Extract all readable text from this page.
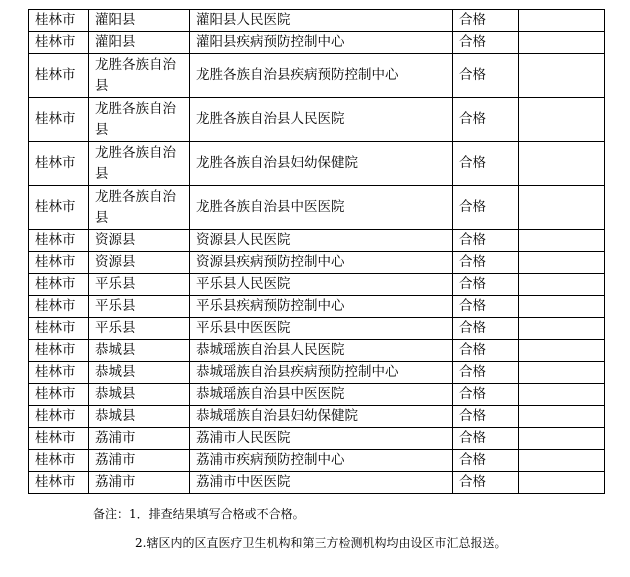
桂林市	灌阳县	灌阳县人民医院	合格	
桂林市	灌阳县	灌阳县疾病预防控制中心	合格	
桂林市	龙胜各族自治县	龙胜各族自治县疾病预防控制中心	合格	
桂林市	龙胜各族自治县	龙胜各族自治县人民医院	合格	
桂林市	龙胜各族自治县	龙胜各族自治县妇幼保健院	合格	
桂林市	龙胜各族自治县	龙胜各族自治县中医医院	合格	
桂林市	资源县	资源县人民医院	合格	
桂林市	资源县	资源县疾病预防控制中心	合格	
桂林市	平乐县	平乐县人民医院	合格	
桂林市	平乐县	平乐县疾病预防控制中心	合格	
桂林市	平乐县	平乐县中医医院	合格	
桂林市	恭城县	恭城瑶族自治县人民医院	合格	
桂林市	恭城县	恭城瑶族自治县疾病预防控制中心	合格	
桂林市	恭城县	恭城瑶族自治县中医医院	合格	
桂林市	恭城县	恭城瑶族自治县妇幼保健院	合格	
桂林市	荔浦市	荔浦市人民医院	合格	
桂林市	荔浦市	荔浦市疾病预防控制中心	合格	
桂林市	荔浦市	荔浦市中医医院	合格	
备注：1．排查结果填写合格或不合格。
2.辖区内的区直医疗卫生机构和第三方检测机构均由设区市汇总报送。
